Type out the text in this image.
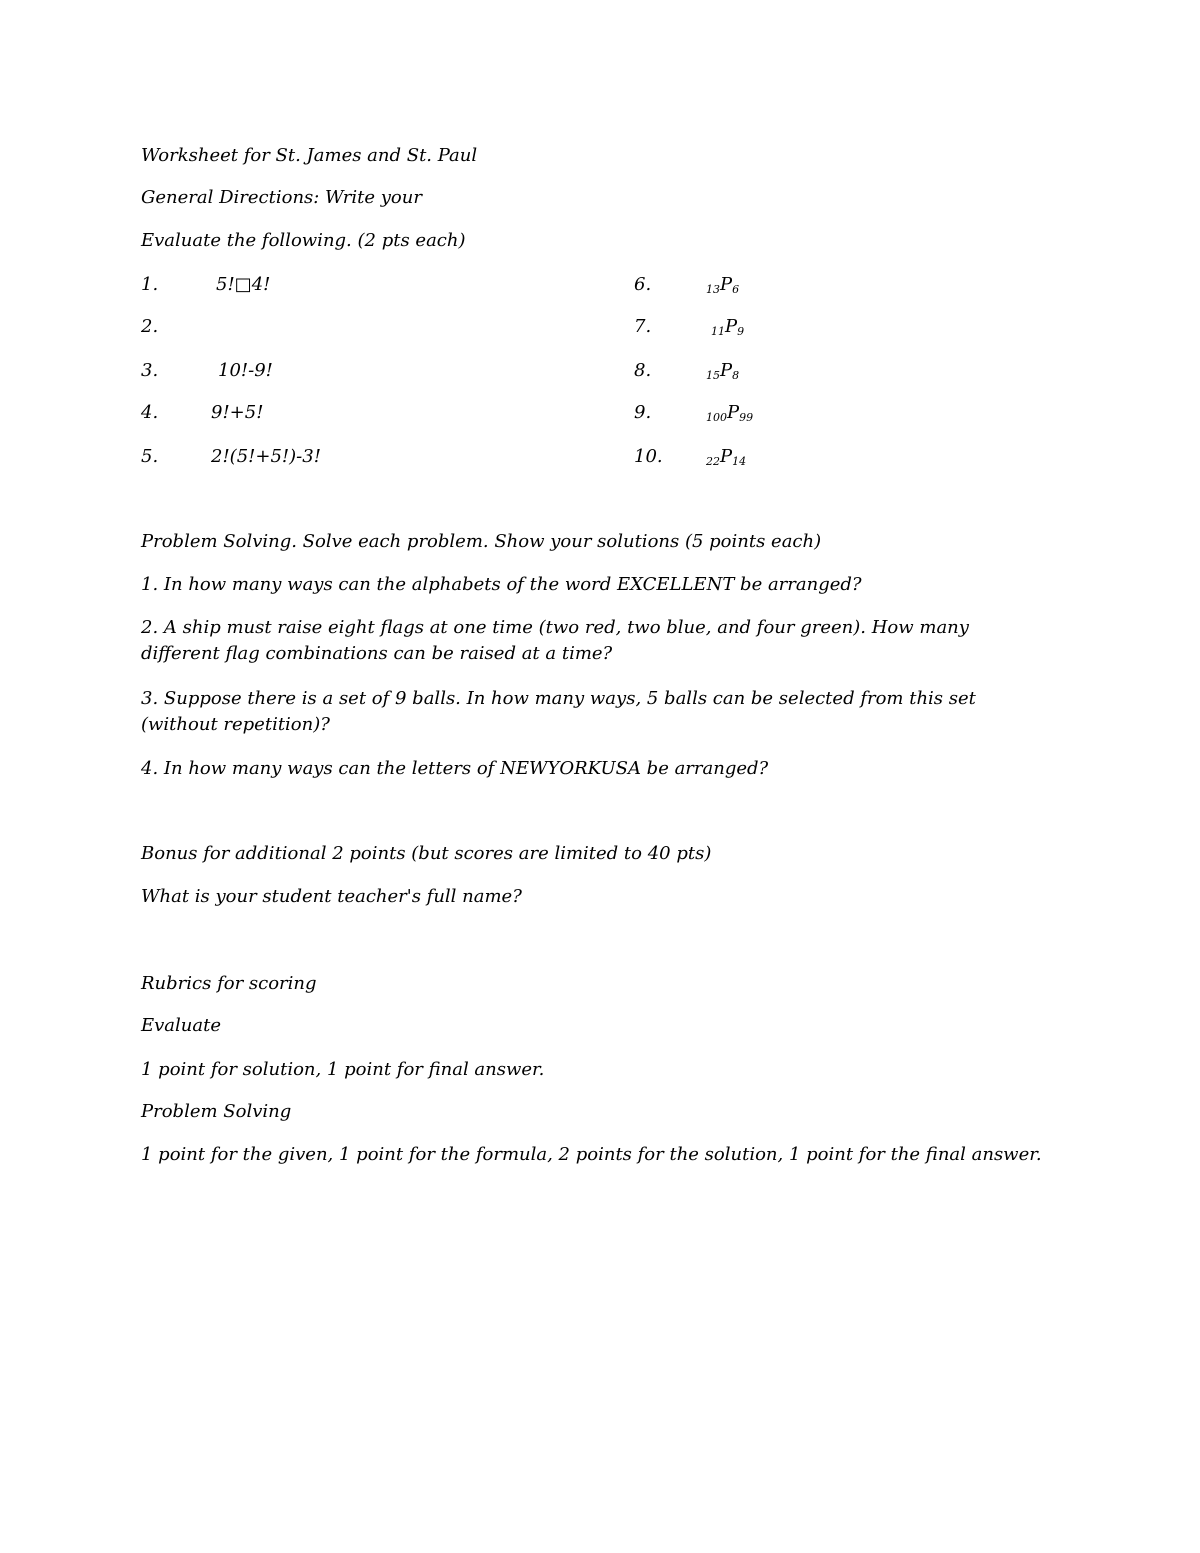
Worksheet for St. James and St. Paul
General Directions: Write your
Evaluate the following. (2 pts each)
1.	5!□4!
2.
3.	10!-9!
4.	9!+5!
5.	2!(5!+5!)-3!
6.	$_{13}P_6$
7.	$_{11}P_9$
8.	$_{15}P_8$
9.	$_{100}P_{99}$
10.	$_{22}P_{14}$
Problem Solving. Solve each problem. Show your solutions (5 points each)
1. In how many ways can the alphabets of the word EXCELLENT be arranged?
2. A ship must raise eight flags at one time (two red, two blue, and four green). How many different flag combinations can be raised at a time?
3. Suppose there is a set of 9 balls. In how many ways, 5 balls can be selected from this set (without repetition)?
4. In how many ways can the letters of NEWYORKUSA be arranged?
Bonus for additional 2 points (but scores are limited to 40 pts)
What is your student teacher's full name?
Rubrics for scoring
Evaluate
1 point for solution, 1 point for final answer.
Problem Solving
1 point for the given, 1 point for the formula, 2 points for the solution, 1 point for the final answer.
